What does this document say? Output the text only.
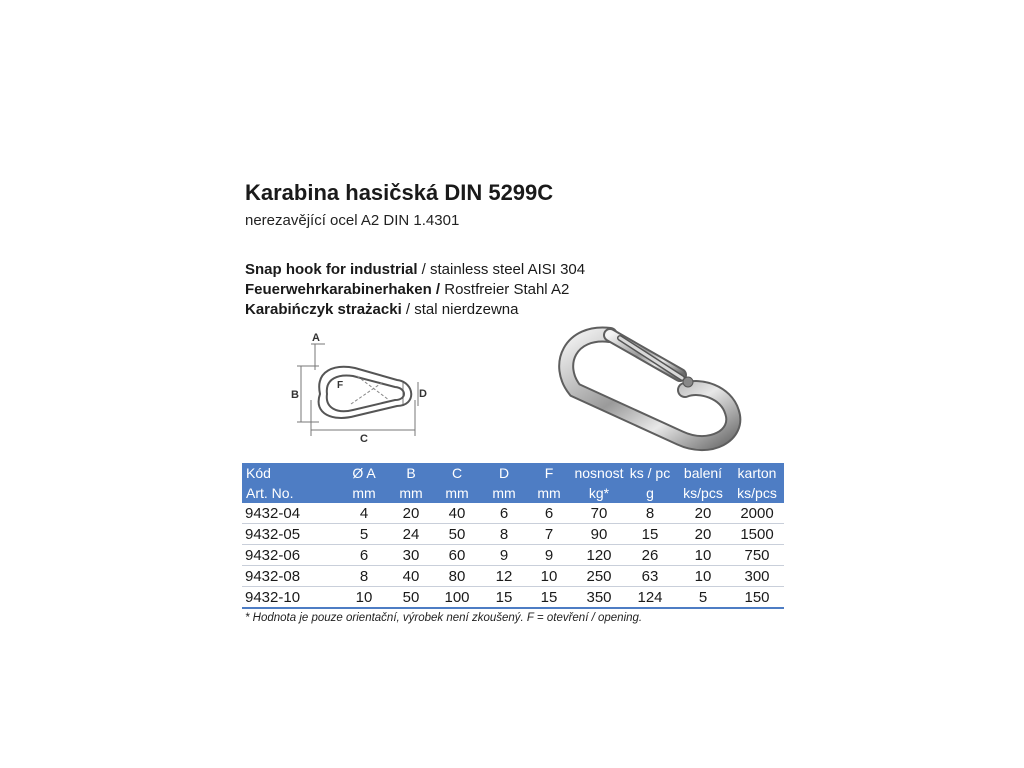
Karabina hasičská DIN 5299C
nerezavějící ocel A2 DIN 1.4301
Snap hook for industrial / stainless steel AISI 304
Feuerwehrkarabinerhaken / Rostfreier Stahl A2
Karabińczyk strażacki / stal nierdzewna
A
B
C
D
F
Kód	Ø A	B	C	D	F	nosnost	ks / pc	balení	karton
Art. No.	mm	mm	mm	mm	mm	kg*	g	ks/pcs	ks/pcs
9432-04	4	20	40	6	6	70	8	20	2000
9432-05	5	24	50	8	7	90	15	20	1500
9432-06	6	30	60	9	9	120	26	10	750
9432-08	8	40	80	12	10	250	63	10	300
9432-10	10	50	100	15	15	350	124	5	150
* Hodnota je pouze orientační, výrobek není zkoušený. F = otevření / opening.
